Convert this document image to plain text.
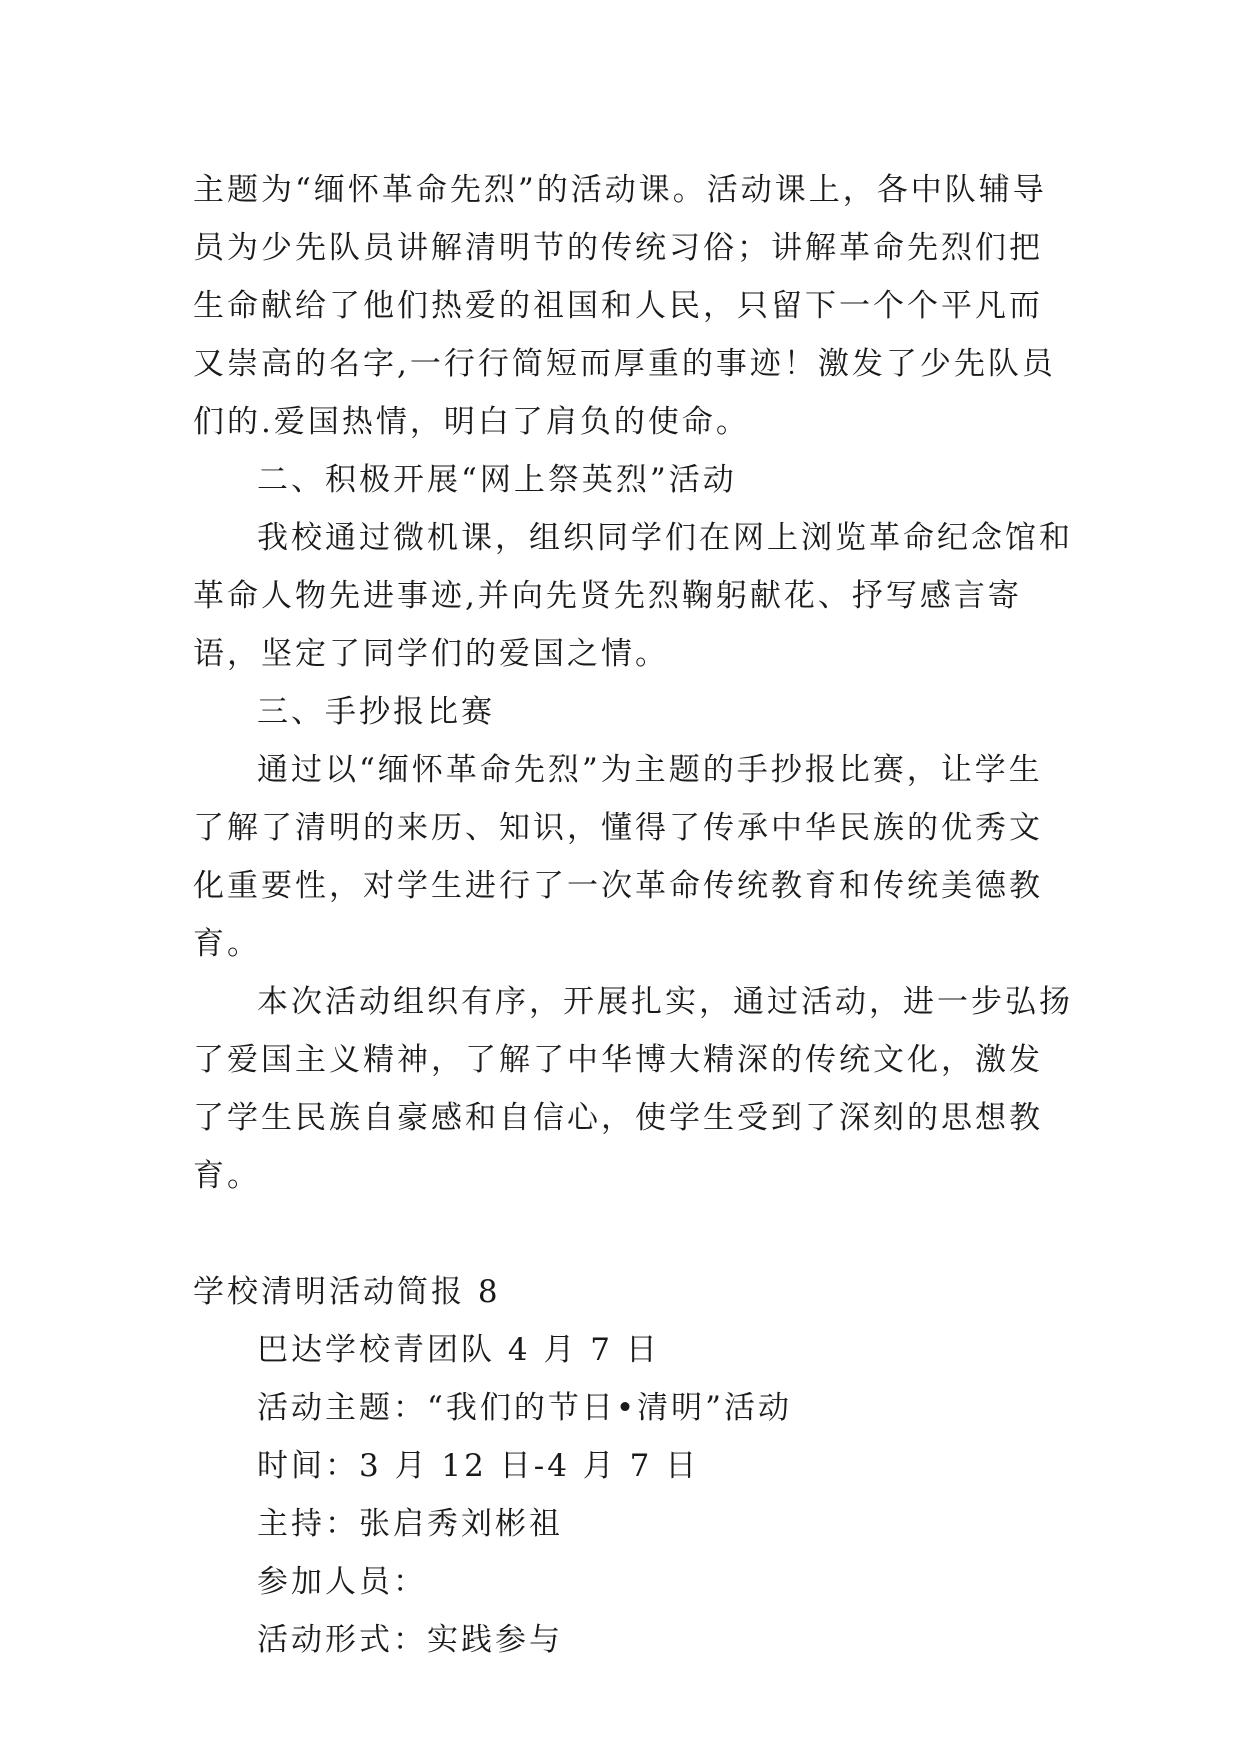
主题为“缅怀革命先烈”的活动课。活动课上，各中队辅导员为少先队员讲解清明节的传统习俗；讲解革命先烈们把生命献给了他们热爱的祖国和人民，只留下一个个平凡而又崇高的名字,一行行简短而厚重的事迹！激发了少先队员们的.爱国热情，明白了肩负的使命。

二、积极开展“网上祭英烈”活动

我校通过微机课，组织同学们在网上浏览革命纪念馆和革命人物先进事迹,并向先贤先烈鞠躬献花、抒写感言寄语，坚定了同学们的爱国之情。

三、手抄报比赛

通过以“缅怀革命先烈”为主题的手抄报比赛，让学生了解了清明的来历、知识，懂得了传承中华民族的优秀文化重要性，对学生进行了一次革命传统教育和传统美德教育。

本次活动组织有序，开展扎实，通过活动，进一步弘扬了爱国主义精神，了解了中华博大精深的传统文化，激发了学生民族自豪感和自信心，使学生受到了深刻的思想教育。

学校清明活动简报 8

巴达学校青团队 4 月 7 日

活动主题：“我们的节日•清明”活动

时间：3 月 12 日-4 月 7 日

主持：张启秀刘彬祖

参加人员：

活动形式：实践参与
